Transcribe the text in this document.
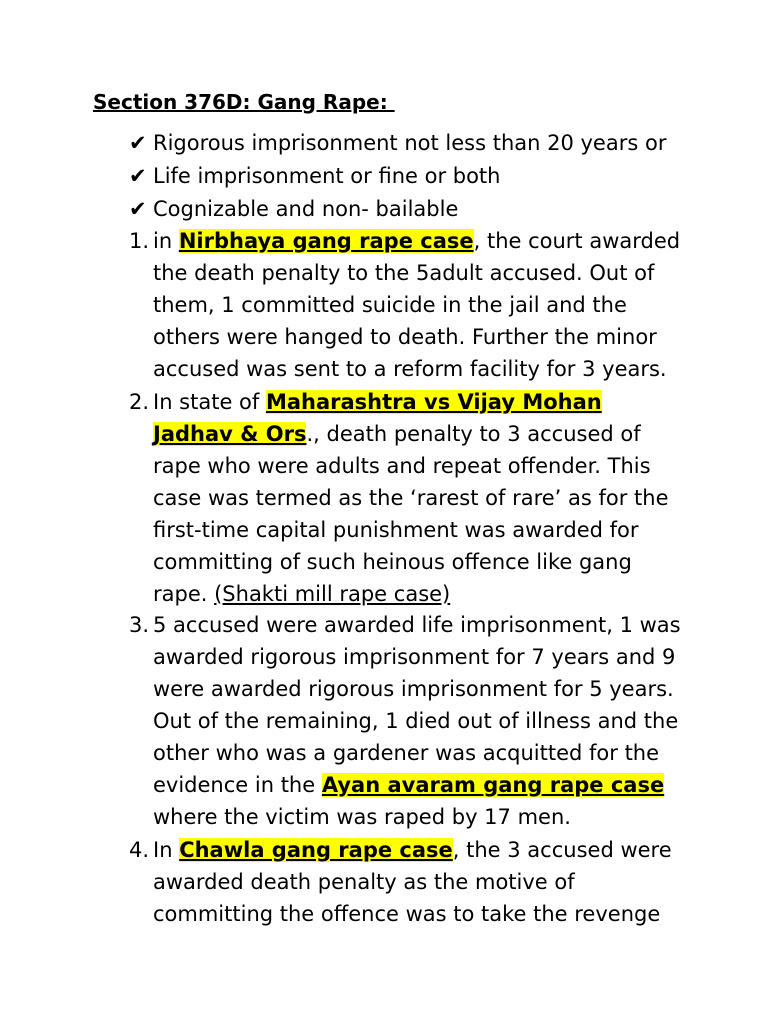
Section 376D: Gang Rape:
✔ Rigorous imprisonment not less than 20 years or
✔ Life imprisonment or fine or both
✔ Cognizable and non- bailable
1. in Nirbhaya gang rape case, the court awarded the death penalty to the 5adult accused. Out of them, 1 committed suicide in the jail and the others were hanged to death. Further the minor accused was sent to a reform facility for 3 years.
2. In state of Maharashtra vs Vijay Mohan Jadhav & Ors., death penalty to 3 accused of rape who were adults and repeat offender. This case was termed as the ‘rarest of rare’ as for the first-time capital punishment was awarded for committing of such heinous offence like gang rape. (Shakti mill rape case)
3. 5 accused were awarded life imprisonment, 1 was awarded rigorous imprisonment for 7 years and 9 were awarded rigorous imprisonment for 5 years. Out of the remaining, 1 died out of illness and the other who was a gardener was acquitted for the evidence in the Ayan avaram gang rape case where the victim was raped by 17 men.
4. In Chawla gang rape case, the 3 accused were awarded death penalty as the motive of committing the offence was to take the revenge
